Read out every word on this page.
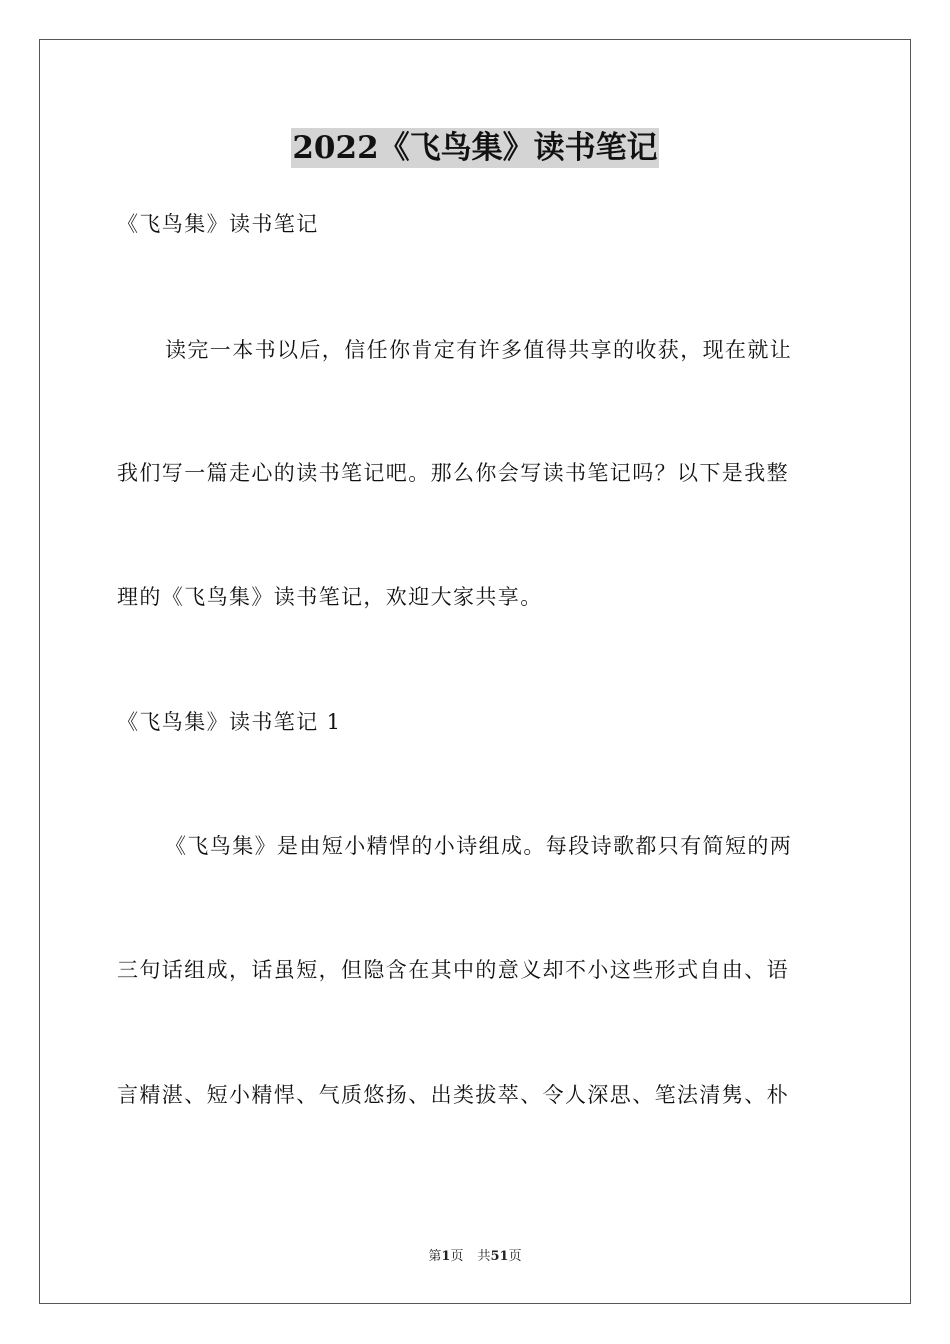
2022《飞鸟集》读书笔记
《飞鸟集》读书笔记
读完一本书以后，信任你肯定有许多值得共享的收获，现在就让
我们写一篇走心的读书笔记吧。那么你会写读书笔记吗？以下是我整
理的《飞鸟集》读书笔记，欢迎大家共享。
《飞鸟集》读书笔记 1
《飞鸟集》是由短小精悍的小诗组成。每段诗歌都只有简短的两
三句话组成，话虽短，但隐含在其中的意义却不小这些形式自由、语
言精湛、短小精悍、气质悠扬、出类拔萃、令人深思、笔法清隽、朴
第1页 共51页
